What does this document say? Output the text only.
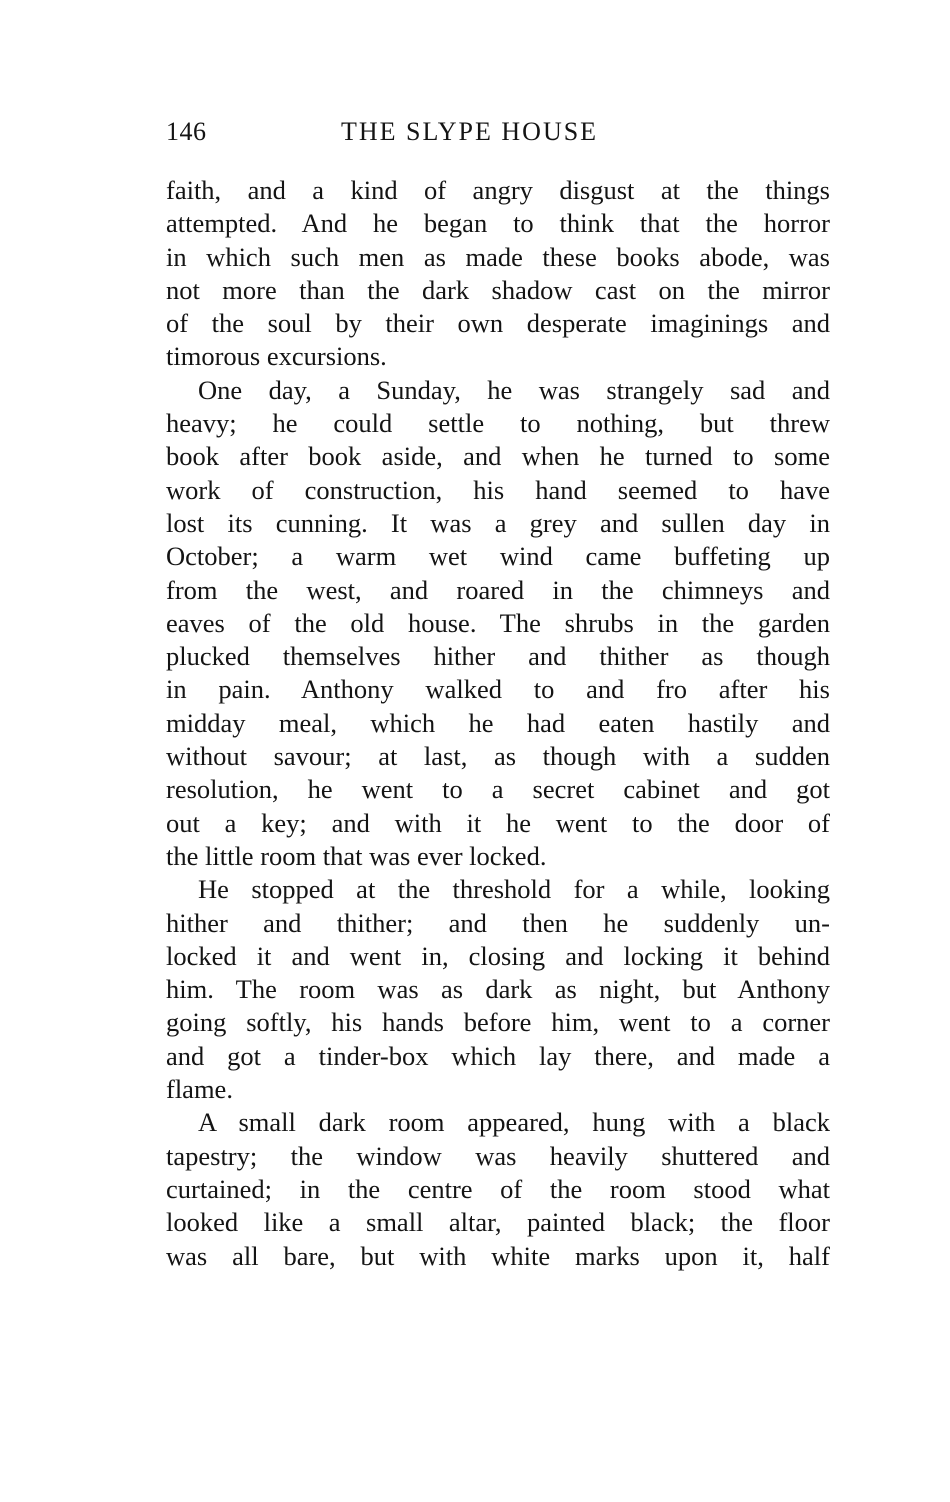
146	THE SLYPE HOUSE
faith, and a kind of angry disgust at the things
attempted. And he began to think that the horror
in which such men as made these books abode, was
not more than the dark shadow cast on the mirror
of the soul by their own desperate imaginings and
timorous excursions.
One day, a Sunday, he was strangely sad and
heavy; he could settle to nothing, but threw
book after book aside, and when he turned to some
work of construction, his hand seemed to have
lost its cunning. It was a grey and sullen day in
October; a warm wet wind came buffeting up
from the west, and roared in the chimneys and
eaves of the old house. The shrubs in the garden
plucked themselves hither and thither as though
in pain. Anthony walked to and fro after his
midday meal, which he had eaten hastily and
without savour; at last, as though with a sudden
resolution, he went to a secret cabinet and got
out a key; and with it he went to the door of
the little room that was ever locked.
He stopped at the threshold for a while, looking
hither and thither; and then he suddenly un-
locked it and went in, closing and locking it behind
him. The room was as dark as night, but Anthony
going softly, his hands before him, went to a corner
and got a tinder-box which lay there, and made a
flame.
A small dark room appeared, hung with a black
tapestry; the window was heavily shuttered and
curtained; in the centre of the room stood what
looked like a small altar, painted black; the floor
was all bare, but with white marks upon it, half
